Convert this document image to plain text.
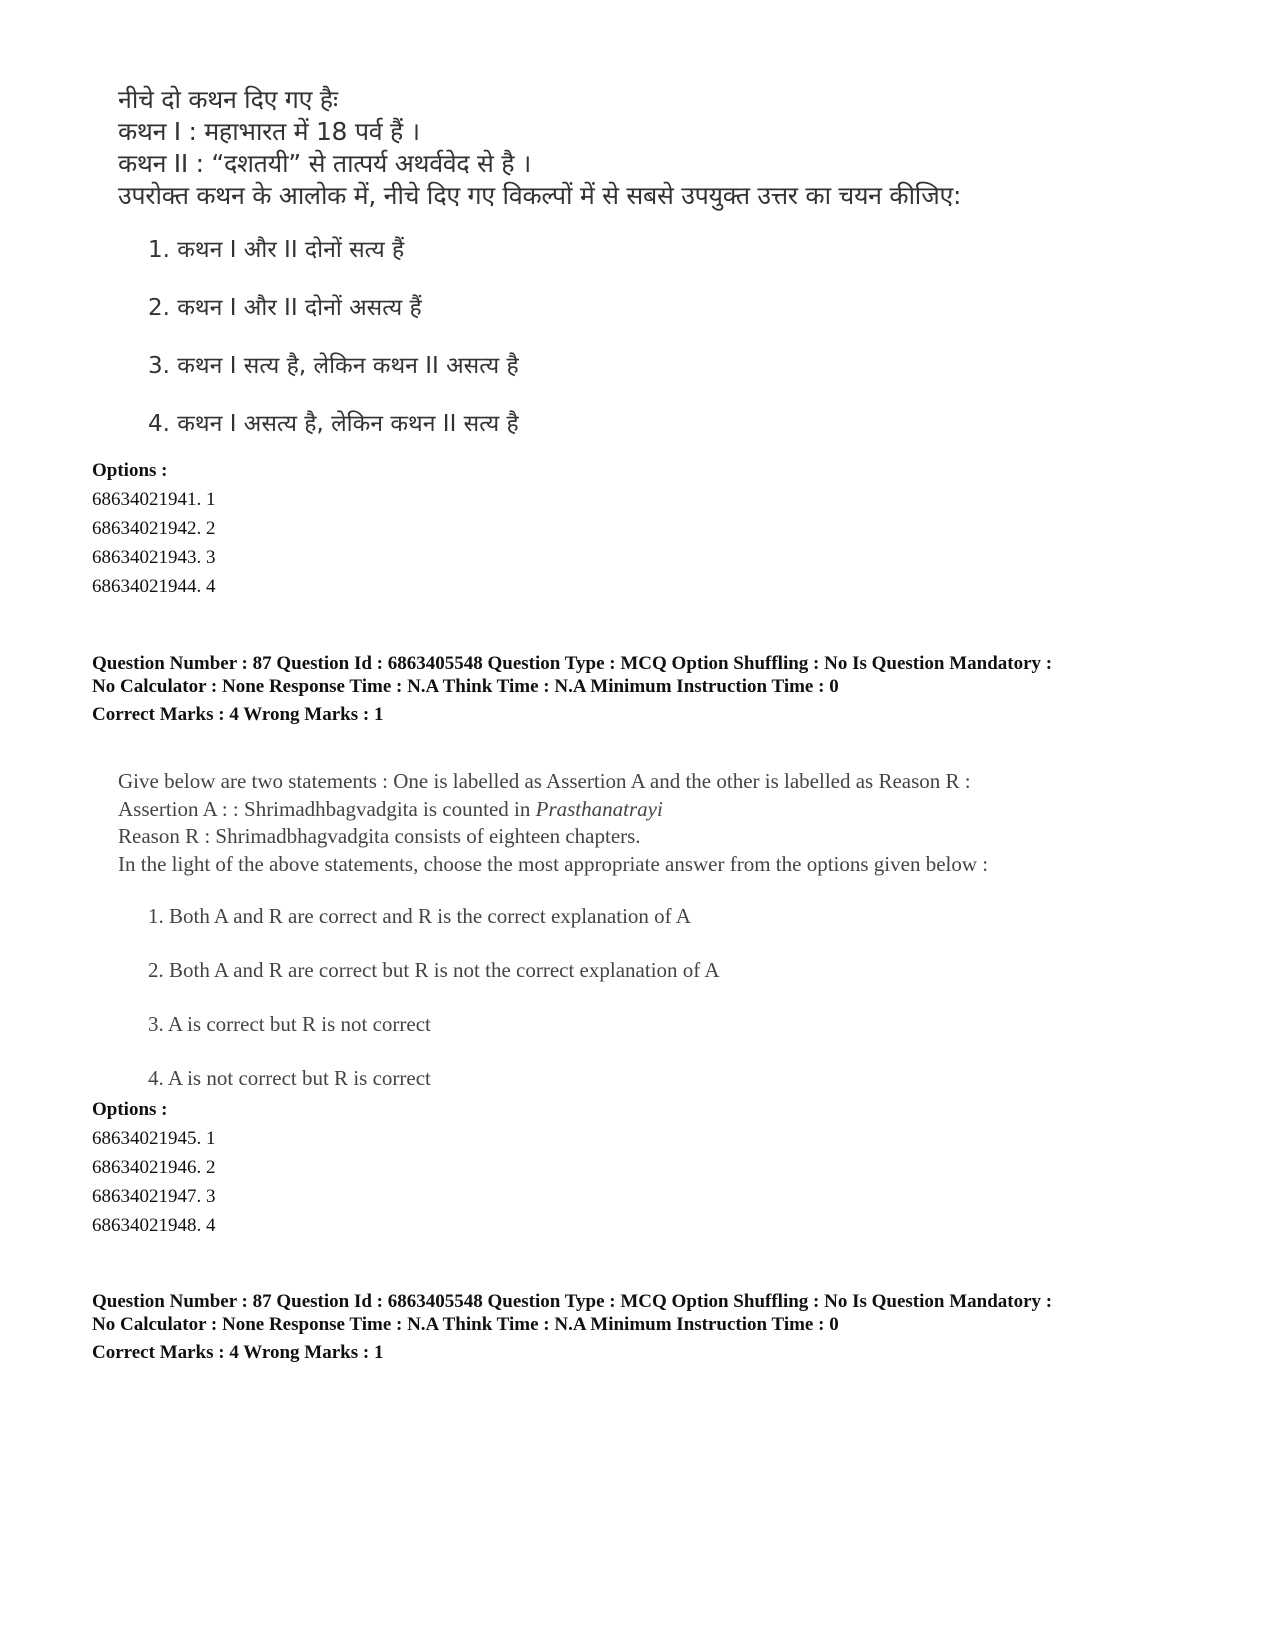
नीचे दो कथन दिए गए हैः
कथन I : महाभारत में 18 पर्व हैं ।
कथन II : “दशतयी” से तात्पर्य अथर्ववेद से है ।
उपरोक्त कथन के आलोक में, नीचे दिए गए विकल्पों में से सबसे उपयुक्त उत्तर का चयन कीजिए:
1. कथन I और II दोनों सत्य हैं
2. कथन I और II दोनों असत्य हैं
3. कथन I सत्य है, लेकिन कथन II असत्य है
4. कथन I असत्य है, लेकिन कथन II सत्य है
Options :
68634021941. 1
68634021942. 2
68634021943. 3
68634021944. 4
Question Number : 87 Question Id : 6863405548 Question Type : MCQ Option Shuffling : No Is Question Mandatory :
No Calculator : None Response Time : N.A Think Time : N.A Minimum Instruction Time : 0
Correct Marks : 4 Wrong Marks : 1
Give below are two statements : One is labelled as Assertion A and the other is labelled as Reason R :
Assertion A : : Shrimadhbagvadgita is counted in Prasthanatrayi
Reason R : Shrimadbhagvadgita consists of eighteen chapters.
In the light of the above statements, choose the most appropriate answer from the options given below :
1. Both A and R are correct and R is the correct explanation of A
2. Both A and R are correct but R is not the correct explanation of A
3. A is correct but R is not correct
4. A is not correct but R is correct
Options :
68634021945. 1
68634021946. 2
68634021947. 3
68634021948. 4
Question Number : 87 Question Id : 6863405548 Question Type : MCQ Option Shuffling : No Is Question Mandatory :
No Calculator : None Response Time : N.A Think Time : N.A Minimum Instruction Time : 0
Correct Marks : 4 Wrong Marks : 1
